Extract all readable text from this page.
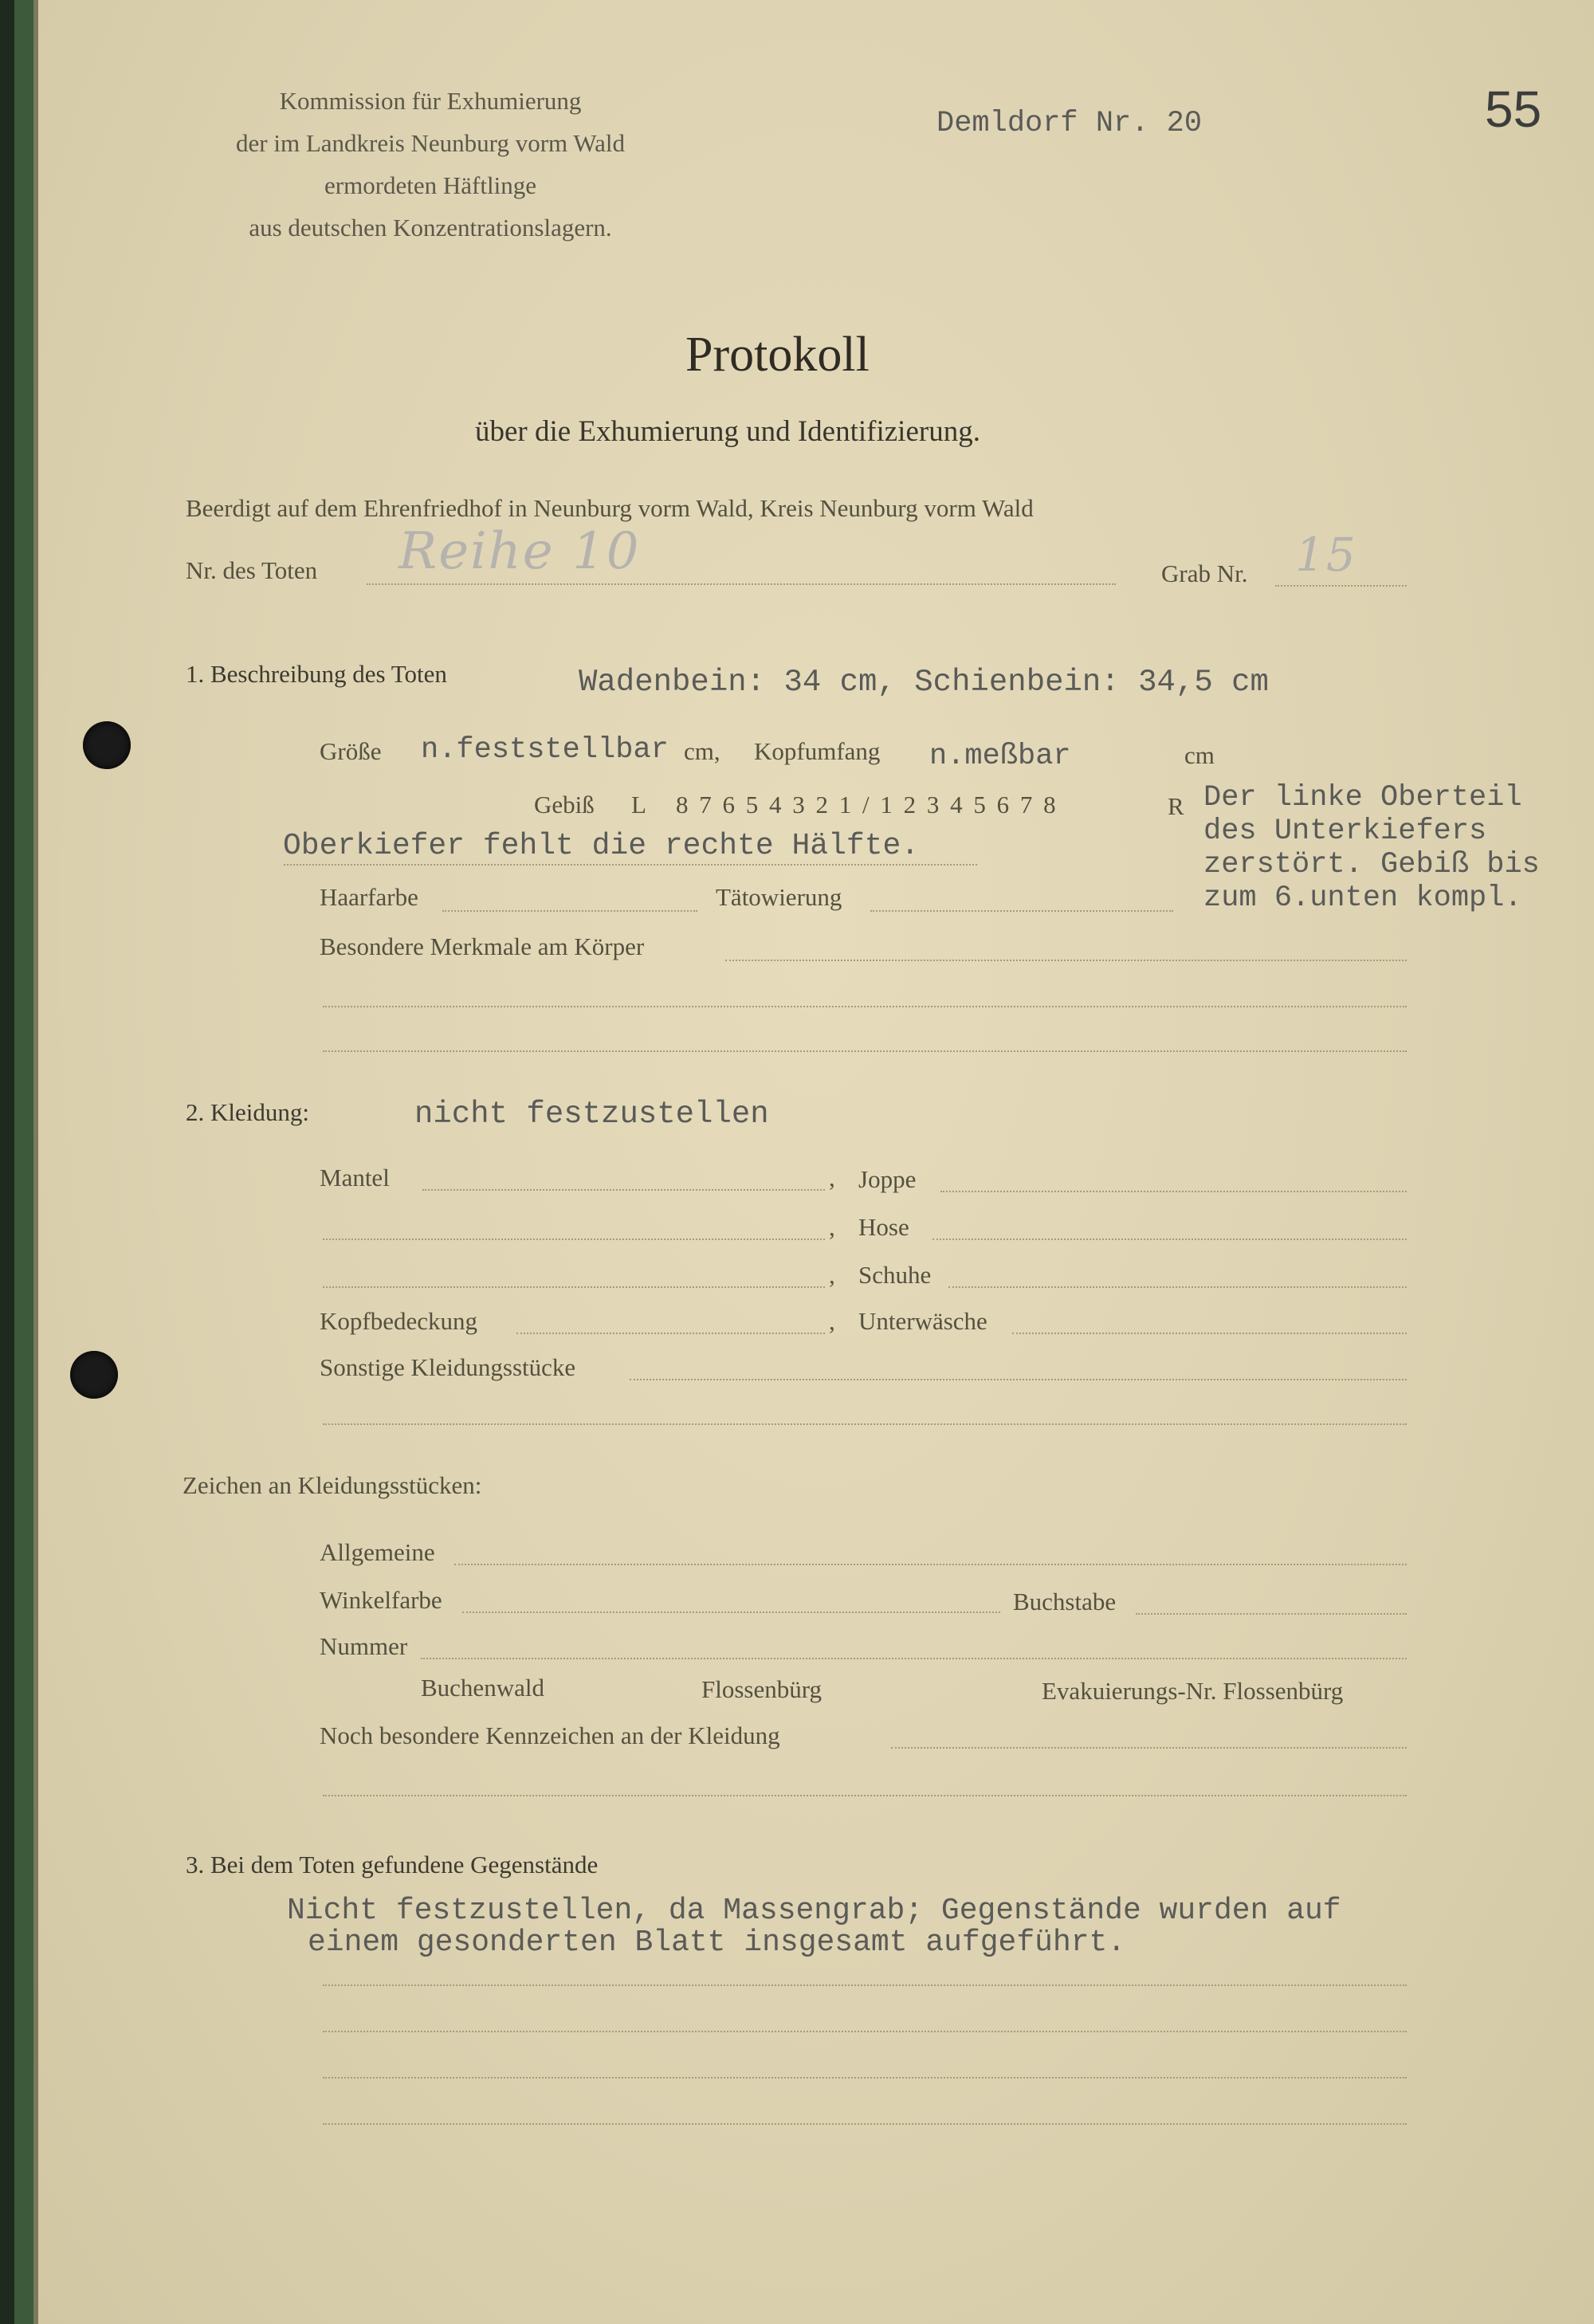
Kommission für Exhumierung
der im Landkreis Neunburg vorm Wald
ermordeten Häftlinge
aus deutschen Konzentrationslagern.
Demldorf Nr. 20	55
Protokoll
über die Exhumierung und Identifizierung.
Beerdigt auf dem Ehrenfriedhof in Neunburg vorm Wald, Kreis Neunburg vorm Wald
Nr. des Toten Reihe 10	Grab Nr. 15
1. Beschreibung des Toten	Wadenbein: 34 cm, Schienbein: 34,5 cm
Größe n.feststellbar cm, Kopfumfang n.meßbar	cm
Gebiß L 8 7 6 5 4 3 2 1 / 1 2 3 4 5 6 7 8	R Der linke Oberteil
des Unterkiefers
zerstört. Gebiß bis
zum 6.unten kompl.
Oberkiefer fehlt die rechte Hälfte.
Haarfarbe	Tätowierung
Besondere Merkmale am Körper
2. Kleidung:	nicht festzustellen
Mantel	, Joppe
, Hose
, Schuhe
Kopfbedeckung	, Unterwäsche
Sonstige Kleidungsstücke
Zeichen an Kleidungsstücken:
Allgemeine
Winkelfarbe	Buchstabe
Nummer
Buchenwald	Flossenbürg	Evakuierungs-Nr. Flossenbürg
Noch besondere Kennzeichen an der Kleidung
3. Bei dem Toten gefundene Gegenstände
Nicht festzustellen, da Massengrab; Gegenstände wurden auf
einem gesonderten Blatt insgesamt aufgeführt.
